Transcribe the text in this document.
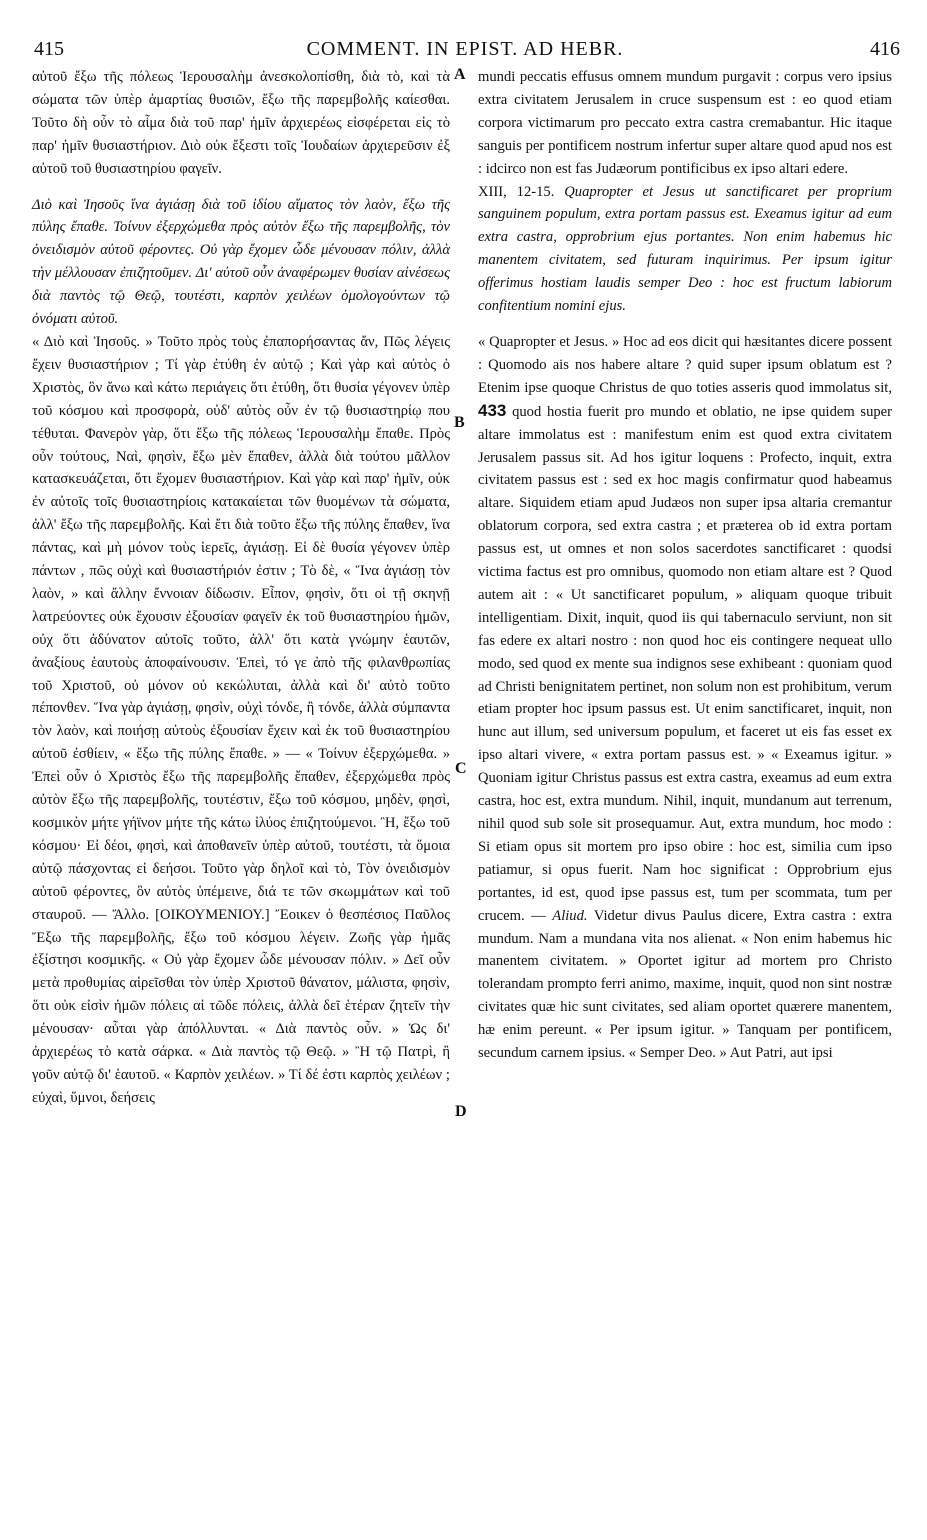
415	COMMENT. IN EPIST. AD HEBR.	416

αὐτοῦ ἔξω τῆς πόλεως Ἱερουσαλὴμ ἀνεσκολοπίσθη, διὰ τὸ, καὶ τὰ σώματα τῶν ὑπὲρ ἁμαρτίας θυσιῶν, ἔξω τῆς παρεμβολῆς καίεσθαι. Τοῦτο δὴ οὖν τὸ αἷμα διὰ τοῦ παρ' ἡμῖν ἀρχιερέως εἰσφέρεται εἰς τὸ παρ' ἡμῖν θυσιαστήριον. Διὸ οὐκ ἔξεστι τοῖς Ἰουδαίων ἀρχιερεῦσιν ἐξ αὐτοῦ τοῦ θυσιαστηρίου φαγεῖν.

Διὸ καὶ Ἰησοῦς ἵνα ἁγιάσῃ διὰ τοῦ ἰδίου αἵματος τὸν λαὸν, ἔξω τῆς πύλης ἔπαθε. Τοίνυν ἐξερχώμεθα πρὸς αὐτὸν ἔξω τῆς παρεμβολῆς, τὸν ὀνειδισμὸν αὐτοῦ φέροντες. Οὐ γὰρ ἔχομεν ὧδε μένουσαν πόλιν, ἀλλὰ τὴν μέλλουσαν ἐπιζητοῦμεν. Δι' αὐτοῦ οὖν ἀναφέρωμεν θυσίαν αἰνέσεως διὰ παντὸς τῷ Θεῷ, τουτέστι, καρπὸν χειλέων ὁμολογούντων τῷ ὀνόματι αὐτοῦ.

« Διὸ καὶ Ἰησοῦς. » Τοῦτο πρὸς τοὺς ἐπαπορήσαντας ἄν, Πῶς λέγεις ἔχειν θυσιαστήριον ; Τί γὰρ ἐτύθη ἐν αὐτῷ ; Καὶ γὰρ καὶ αὐτὸς ὁ Χριστὸς, ὃν ἄνω καὶ κάτω περιάγεις ὅτι ἐτύθη, ὅτι θυσία γέγονεν ὑπὲρ τοῦ κόσμου καὶ προσφορὰ, οὐδ' αὐτὸς οὖν ἐν τῷ θυσιαστηρίῳ που τέθυται. Φανερὸν γὰρ, ὅτι ἔξω τῆς πόλεως Ἱερουσαλὴμ ἔπαθε. Πρὸς οὖν τούτους, Ναὶ, φησὶν, ἔξω μὲν ἔπαθεν, ἀλλὰ διὰ τούτου μᾶλλον κατασκευάζεται, ὅτι ἔχομεν θυσιαστήριον. Καὶ γὰρ καὶ παρ' ἡμῖν, οὐκ ἐν αὐτοῖς τοῖς θυσιαστηρίοις κατακαίεται τῶν θυομένων τὰ σώματα, ἀλλ' ἔξω τῆς παρεμβολῆς. Καὶ ἔτι διὰ τοῦτο ἔξω τῆς πύλης ἔπαθεν, ἵνα πάντας, καὶ μὴ μόνον τοὺς ἱερεῖς, ἁγιάσῃ. Εἰ δὲ θυσία γέγονεν ὑπὲρ πάντων , πῶς οὐχὶ καὶ θυσιαστήριόν ἐστιν ; Τὸ δὲ, « Ἵνα ἁγιάσῃ τὸν λαὸν, » καὶ ἄλλην ἔννοιαν δίδωσιν. Εἶπον, φησὶν, ὅτι οἱ τῇ σκηνῇ λατρεύοντες οὐκ ἔχουσιν ἐξουσίαν φαγεῖν ἐκ τοῦ θυσιαστηρίου ἡμῶν, οὐχ ὅτι ἀδύνατον αὐτοῖς τοῦτο, ἀλλ' ὅτι κατὰ γνώμην ἑαυτῶν, ἀναξίους ἑαυτοὺς ἀποφαίνουσιν. Ἐπεὶ, τό γε ἀπὸ τῆς φιλανθρωπίας τοῦ Χριστοῦ, οὐ μόνον οὐ κεκώλυται, ἀλλὰ καὶ δι' αὐτὸ τοῦτο πέπονθεν. Ἵνα γὰρ ἁγιάσῃ, φησὶν, οὐχὶ τόνδε, ἢ τόνδε, ἀλλὰ σύμπαντα τὸν λαὸν, καὶ ποιήσῃ αὐτοὺς ἐξουσίαν ἔχειν καὶ ἐκ τοῦ θυσιαστηρίου αὐτοῦ ἐσθίειν, « ἔξω τῆς πύλης ἔπαθε. » — « Τοίνυν ἐξερχώμεθα. » Ἐπεὶ οὖν ὁ Χριστὸς ἔξω τῆς παρεμβολῆς ἔπαθεν, ἐξερχώμεθα πρὸς αὐτὸν ἔξω τῆς παρεμβολῆς, τουτέστιν, ἔξω τοῦ κόσμου, μηδὲν, φησὶ, κοσμικὸν μήτε γήϊνον μήτε τῆς κάτω ἰλύος ἐπιζητούμενοι. Ἢ, ἔξω τοῦ κόσμου· Εἰ δέοι, φησὶ, καὶ ἀποθανεῖν ὑπὲρ αὐτοῦ, τουτέστι, τὰ ὅμοια αὐτῷ πάσχοντας εἰ δεήσοι. Τοῦτο γὰρ δηλοῖ καὶ τὸ, Τὸν ὀνειδισμὸν αὐτοῦ φέροντες, ὃν αὐτὸς ὑπέμεινε, διά τε τῶν σκωμμάτων καὶ τοῦ σταυροῦ. — Ἄλλο. [ΟΙΚΟΥΜΕΝΙΟΥ.] Ἔοικεν ὁ θεσπέσιος Παῦλος Ἔξω τῆς παρεμβολῆς, ἔξω τοῦ κόσμου λέγειν. Ζωῆς γὰρ ἡμᾶς ἐξίστησι κοσμικῆς. « Οὐ γὰρ ἔχομεν ὧδε μένουσαν πόλιν. » Δεῖ οὖν μετὰ προθυμίας αἱρεῖσθαι τὸν ὑπὲρ Χριστοῦ θάνατον, μάλιστα, φησὶν, ὅτι οὐκ εἰσὶν ἡμῶν πόλεις αἱ τῶδε πόλεις, ἀλλὰ δεῖ ἑτέραν ζητεῖν τὴν μένουσαν· αὗται γὰρ ἀπόλλυνται. « Διὰ παντὸς οὖν. » Ὡς δι' ἀρχιερέως τὸ κατὰ σάρκα. « Διὰ παντὸς τῷ Θεῷ. » Ἢ τῷ Πατρὶ, ἢ γοῦν αὐτῷ δι' ἑαυτοῦ. « Καρπὸν χειλέων. » Τί δέ ἐστι καρπὸς χειλέων ; εὐχαὶ, ὕμνοι, δεήσεις

A
B
C
D

mundi peccatis effusus omnem mundum purgavit : corpus vero ipsius extra civitatem Jerusalem in cruce suspensum est : eo quod etiam corpora victimarum pro peccato extra castra cremabantur. Hic itaque sanguis per pontificem nostrum infertur super altare quod apud nos est : idcirco non est fas Judæorum pontificibus ex ipso altari edere.

XIII, 12-15. Quapropter et Jesus ut sanctificaret per proprium sanguinem populum, extra portam passus est. Exeamus igitur ad eum extra castra, opprobrium ejus portantes. Non enim habemus hic manentem civitatem, sed futuram inquirimus. Per ipsum igitur offerimus hostiam laudis semper Deo : hoc est fructum labiorum confitentium nomini ejus.

« Quapropter et Jesus. » Hoc ad eos dicit qui hæsitantes dicere possent : Quomodo ais nos habere altare ? quid super ipsum oblatum est ? Etenim ipse quoque Christus de quo toties asseris quod immolatus sit, 433 quod hostia fuerit pro mundo et oblatio, ne ipse quidem super altare immolatus est : manifestum enim est quod extra civitatem Jerusalem passus sit. Ad hos igitur loquens : Profecto, inquit, extra civitatem passus est : sed ex hoc magis confirmatur quod habeamus altare. Siquidem etiam apud Judæos non super ipsa altaria cremantur oblatorum corpora, sed extra castra ; et præterea ob id extra portam passus est, ut omnes et non solos sacerdotes sanctificaret : quodsi victima factus est pro omnibus, quomodo non etiam altare est ? Quod autem ait : « Ut sanctificaret populum, » aliquam quoque tribuit intelligentiam. Dixit, inquit, quod iis qui tabernaculo serviunt, non sit fas edere ex altari nostro : non quod hoc eis contingere nequeat ullo modo, sed quod ex mente sua indignos sese exhibeant : quoniam quod ad Christi benignitatem pertinet, non solum non est prohibitum, verum etiam propter hoc ipsum passus est. Ut enim sanctificaret, inquit, non hunc aut illum, sed universum populum, et faceret ut eis fas esset ex ipso altari vivere, « extra portam passus est. » « Exeamus igitur. » Quoniam igitur Christus passus est extra castra, exeamus ad eum extra castra, hoc est, extra mundum. Nihil, inquit, mundanum aut terrenum, nihil quod sub sole sit prosequamur. Aut, extra mundum, hoc modo : Si etiam opus sit mortem pro ipso obire : hoc est, similia cum ipso patiamur, si opus fuerit. Nam hoc significat : Opprobrium ejus portantes, id est, quod ipse passus est, tum per scommata, tum per crucem. — Aliud. Videtur divus Paulus dicere, Extra castra : extra mundum. Nam a mundana vita nos alienat. « Non enim habemus hic manentem civitatem. » Oportet igitur ad mortem pro Christo tolerandam prompto ferri animo, maxime, inquit, quod non sint nostræ civitates quæ hic sunt civitates, sed aliam oportet quærere manentem, hæ enim pereunt. « Per ipsum igitur. » Tanquam per pontificem, secundum carnem ipsius. « Semper Deo. » Aut Patri, aut ipsi
